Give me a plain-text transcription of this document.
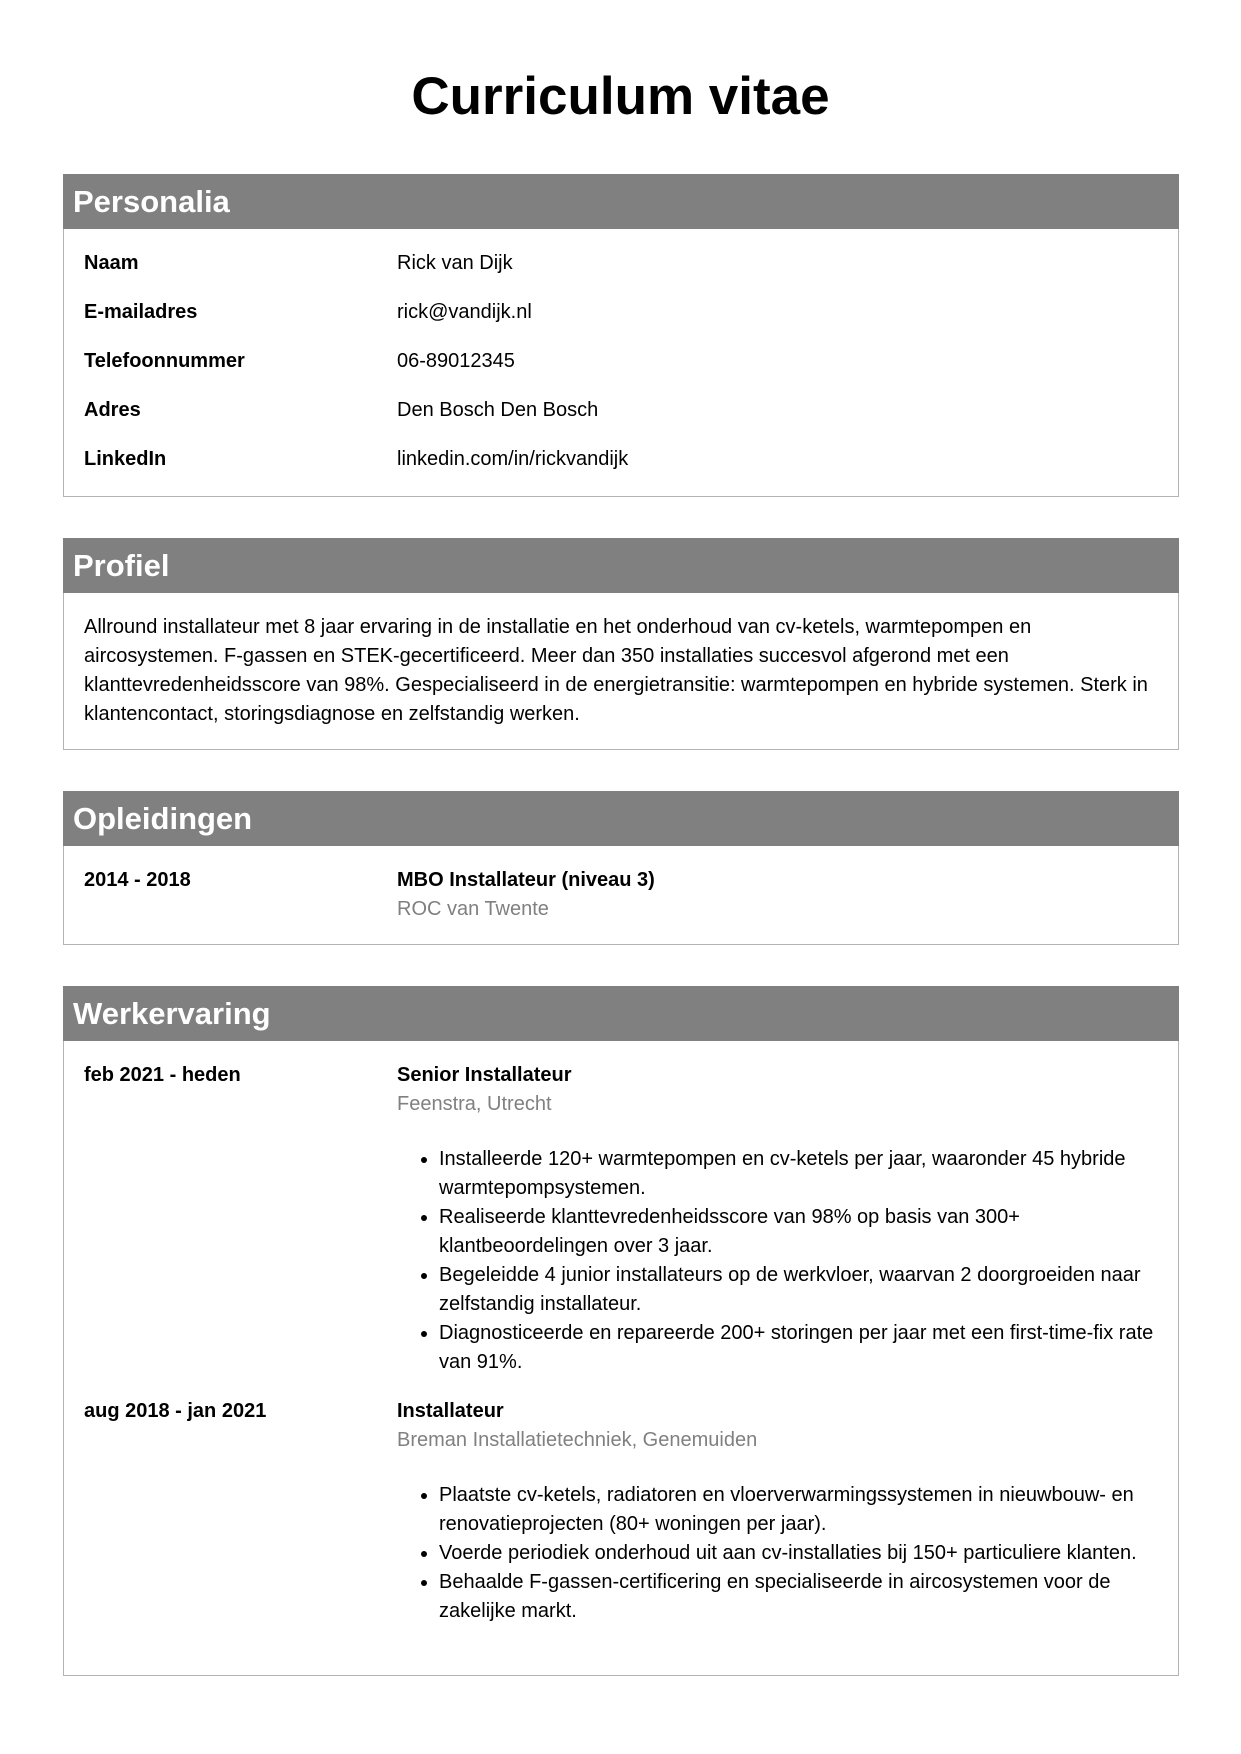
Curriculum vitae
Personalia
Naam	Rick van Dijk
E-mailadres	rick@vandijk.nl
Telefoonnummer	06-89012345
Adres	Den Bosch Den Bosch
LinkedIn	linkedin.com/in/rickvandijk
Profiel
Allround installateur met 8 jaar ervaring in de installatie en het onderhoud van cv-ketels, warmtepompen en aircosystemen. F-gassen en STEK-gecertificeerd. Meer dan 350 installaties succesvol afgerond met een klanttevredenheidsscore van 98%. Gespecialiseerd in de energietransitie: warmtepompen en hybride systemen. Sterk in klantencontact, storingsdiagnose en zelfstandig werken.
Opleidingen
2014 - 2018	MBO Installateur (niveau 3)
ROC van Twente
Werkervaring
feb 2021 - heden	Senior Installateur
Feenstra, Utrecht
• Installeerde 120+ warmtepompen en cv-ketels per jaar, waaronder 45 hybride warmtepompsystemen.
• Realiseerde klanttevredenheidsscore van 98% op basis van 300+ klantbeoordelingen over 3 jaar.
• Begeleidde 4 junior installateurs op de werkvloer, waarvan 2 doorgroeiden naar zelfstandig installateur.
• Diagnosticeerde en repareerde 200+ storingen per jaar met een first-time-fix rate van 91%.
aug 2018 - jan 2021	Installateur
Breman Installatietechniek, Genemuiden
• Plaatste cv-ketels, radiatoren en vloerverwarmingssystemen in nieuwbouw- en renovatieprojecten (80+ woningen per jaar).
• Voerde periodiek onderhoud uit aan cv-installaties bij 150+ particuliere klanten.
• Behaalde F-gassen-certificering en specialiseerde in aircosystemen voor de zakelijke markt.
